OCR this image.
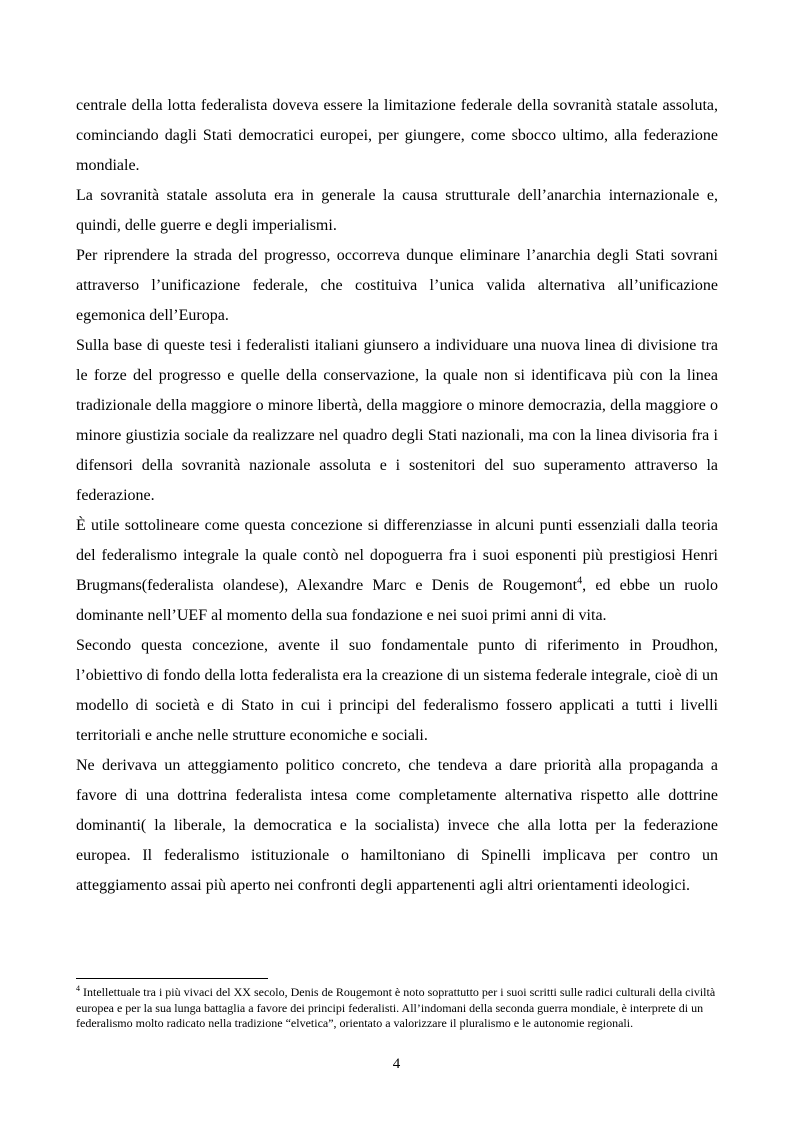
centrale della lotta federalista doveva essere la limitazione federale della sovranità statale assoluta, cominciando dagli Stati democratici europei, per giungere, come sbocco ultimo, alla federazione mondiale.

La sovranità statale assoluta era in generale la causa strutturale dell’anarchia internazionale e, quindi, delle guerre e degli imperialismi.

Per riprendere la strada del progresso, occorreva dunque eliminare l’anarchia degli Stati sovrani attraverso l’unificazione federale, che costituiva l’unica valida alternativa all’unificazione egemonica dell’Europa.

Sulla base di queste tesi i federalisti italiani giunsero a individuare una nuova linea di divisione tra le forze del progresso e quelle della conservazione, la quale non si identificava più con la linea tradizionale della maggiore o minore libertà, della maggiore o minore democrazia, della maggiore o minore giustizia sociale da realizzare nel quadro degli Stati nazionali, ma con la linea divisoria fra i difensori della sovranità nazionale assoluta e i sostenitori del suo superamento attraverso la federazione.

È utile sottolineare come questa concezione si differenziasse in alcuni punti essenziali dalla teoria del federalismo integrale la quale contò nel dopoguerra fra i suoi esponenti più prestigiosi Henri Brugmans(federalista olandese), Alexandre Marc e Denis de Rougemont$^4$, ed ebbe un ruolo dominante nell’UEF al momento della sua fondazione e nei suoi primi anni di vita.

Secondo questa concezione, avente il suo fondamentale punto di riferimento in Proudhon, l’obiettivo di fondo della lotta federalista era la creazione di un sistema federale integrale, cioè di un modello di società e di Stato in cui i principi del federalismo fossero applicati a tutti i livelli territoriali e anche nelle strutture economiche e sociali.

Ne derivava un atteggiamento politico concreto, che tendeva a dare priorità alla propaganda a favore di una dottrina federalista intesa come completamente alternativa rispetto alle dottrine dominanti( la liberale, la democratica e la socialista) invece che alla lotta per la federazione europea. Il federalismo istituzionale o hamiltoniano di Spinelli implicava per contro un atteggiamento assai più aperto nei confronti degli appartenenti agli altri orientamenti ideologici.

$^4$ Intellettuale tra i più vivaci del XX secolo, Denis de Rougemont è noto soprattutto per i suoi scritti sulle radici culturali della civiltà europea e per la sua lunga battaglia a favore dei principi federalisti. All’indomani della seconda guerra mondiale, è interprete di un federalismo molto radicato nella tradizione “elvetica”, orientato a valorizzare il pluralismo e le autonomie regionali.

4
